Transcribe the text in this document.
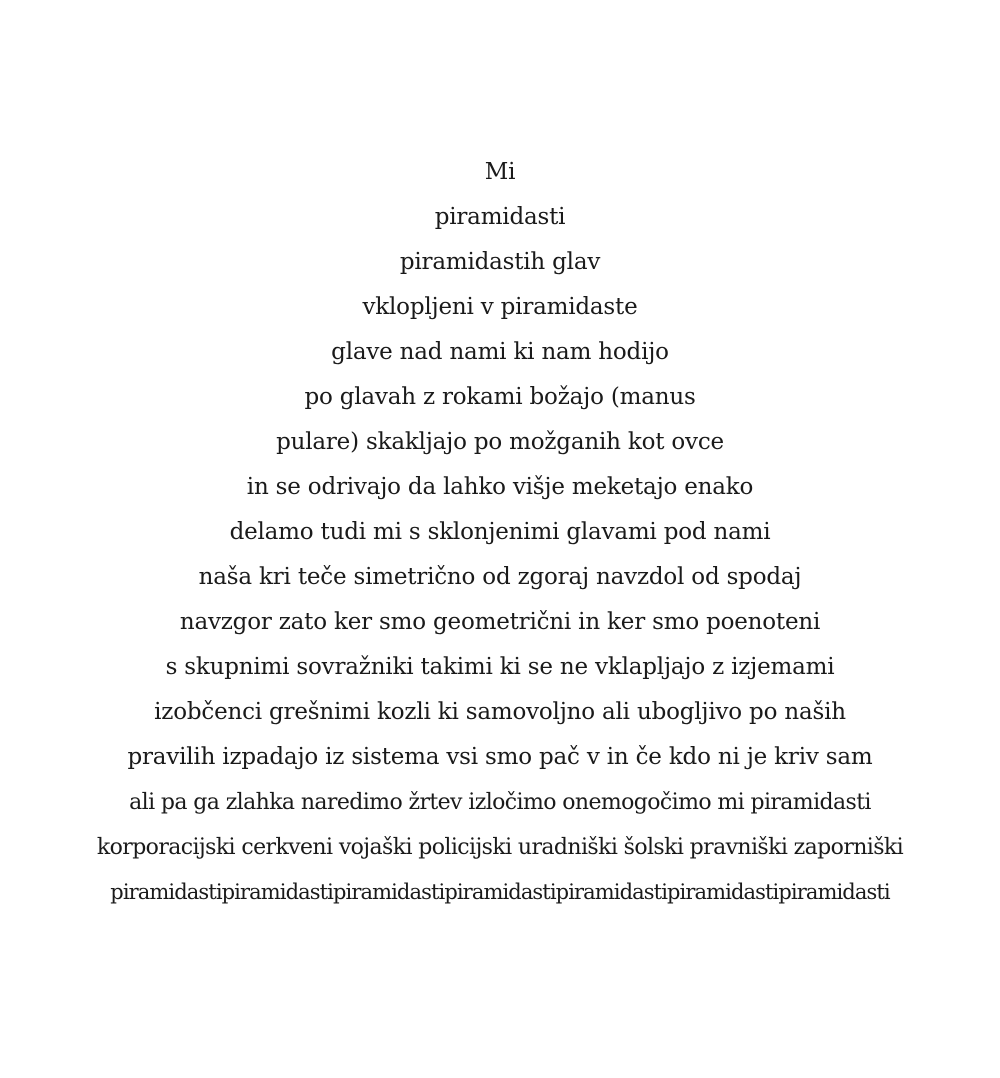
Mi
piramidasti
piramidastih glav
vklopljeni v piramidaste
glave nad nami ki nam hodijo
po glavah z rokami božajo (manus
pulare) skakljajo po možganih kot ovce
in se odrivajo da lahko višje meketajo enako
delamo tudi mi s sklonjenimi glavami pod nami
naša kri teče simetrično od zgoraj navzdol od spodaj
navzgor zato ker smo geometrični in ker smo poenoteni
s skupnimi sovražniki takimi ki se ne vklapljajo z izjemami
izobčenci grešnimi kozli ki samovoljno ali ubogljivo po naših
pravilih izpadajo iz sistema vsi smo pač v in če kdo ni je kriv sam
ali pa ga zlahka naredimo žrtev izločimo onemogočimo mi piramidasti
korporacijski cerkveni vojaški policijski uradniški šolski pravniški zaporniški
piramidastipiramidastipiramidastipiramidastipiramidastipiramidastipiramidasti
